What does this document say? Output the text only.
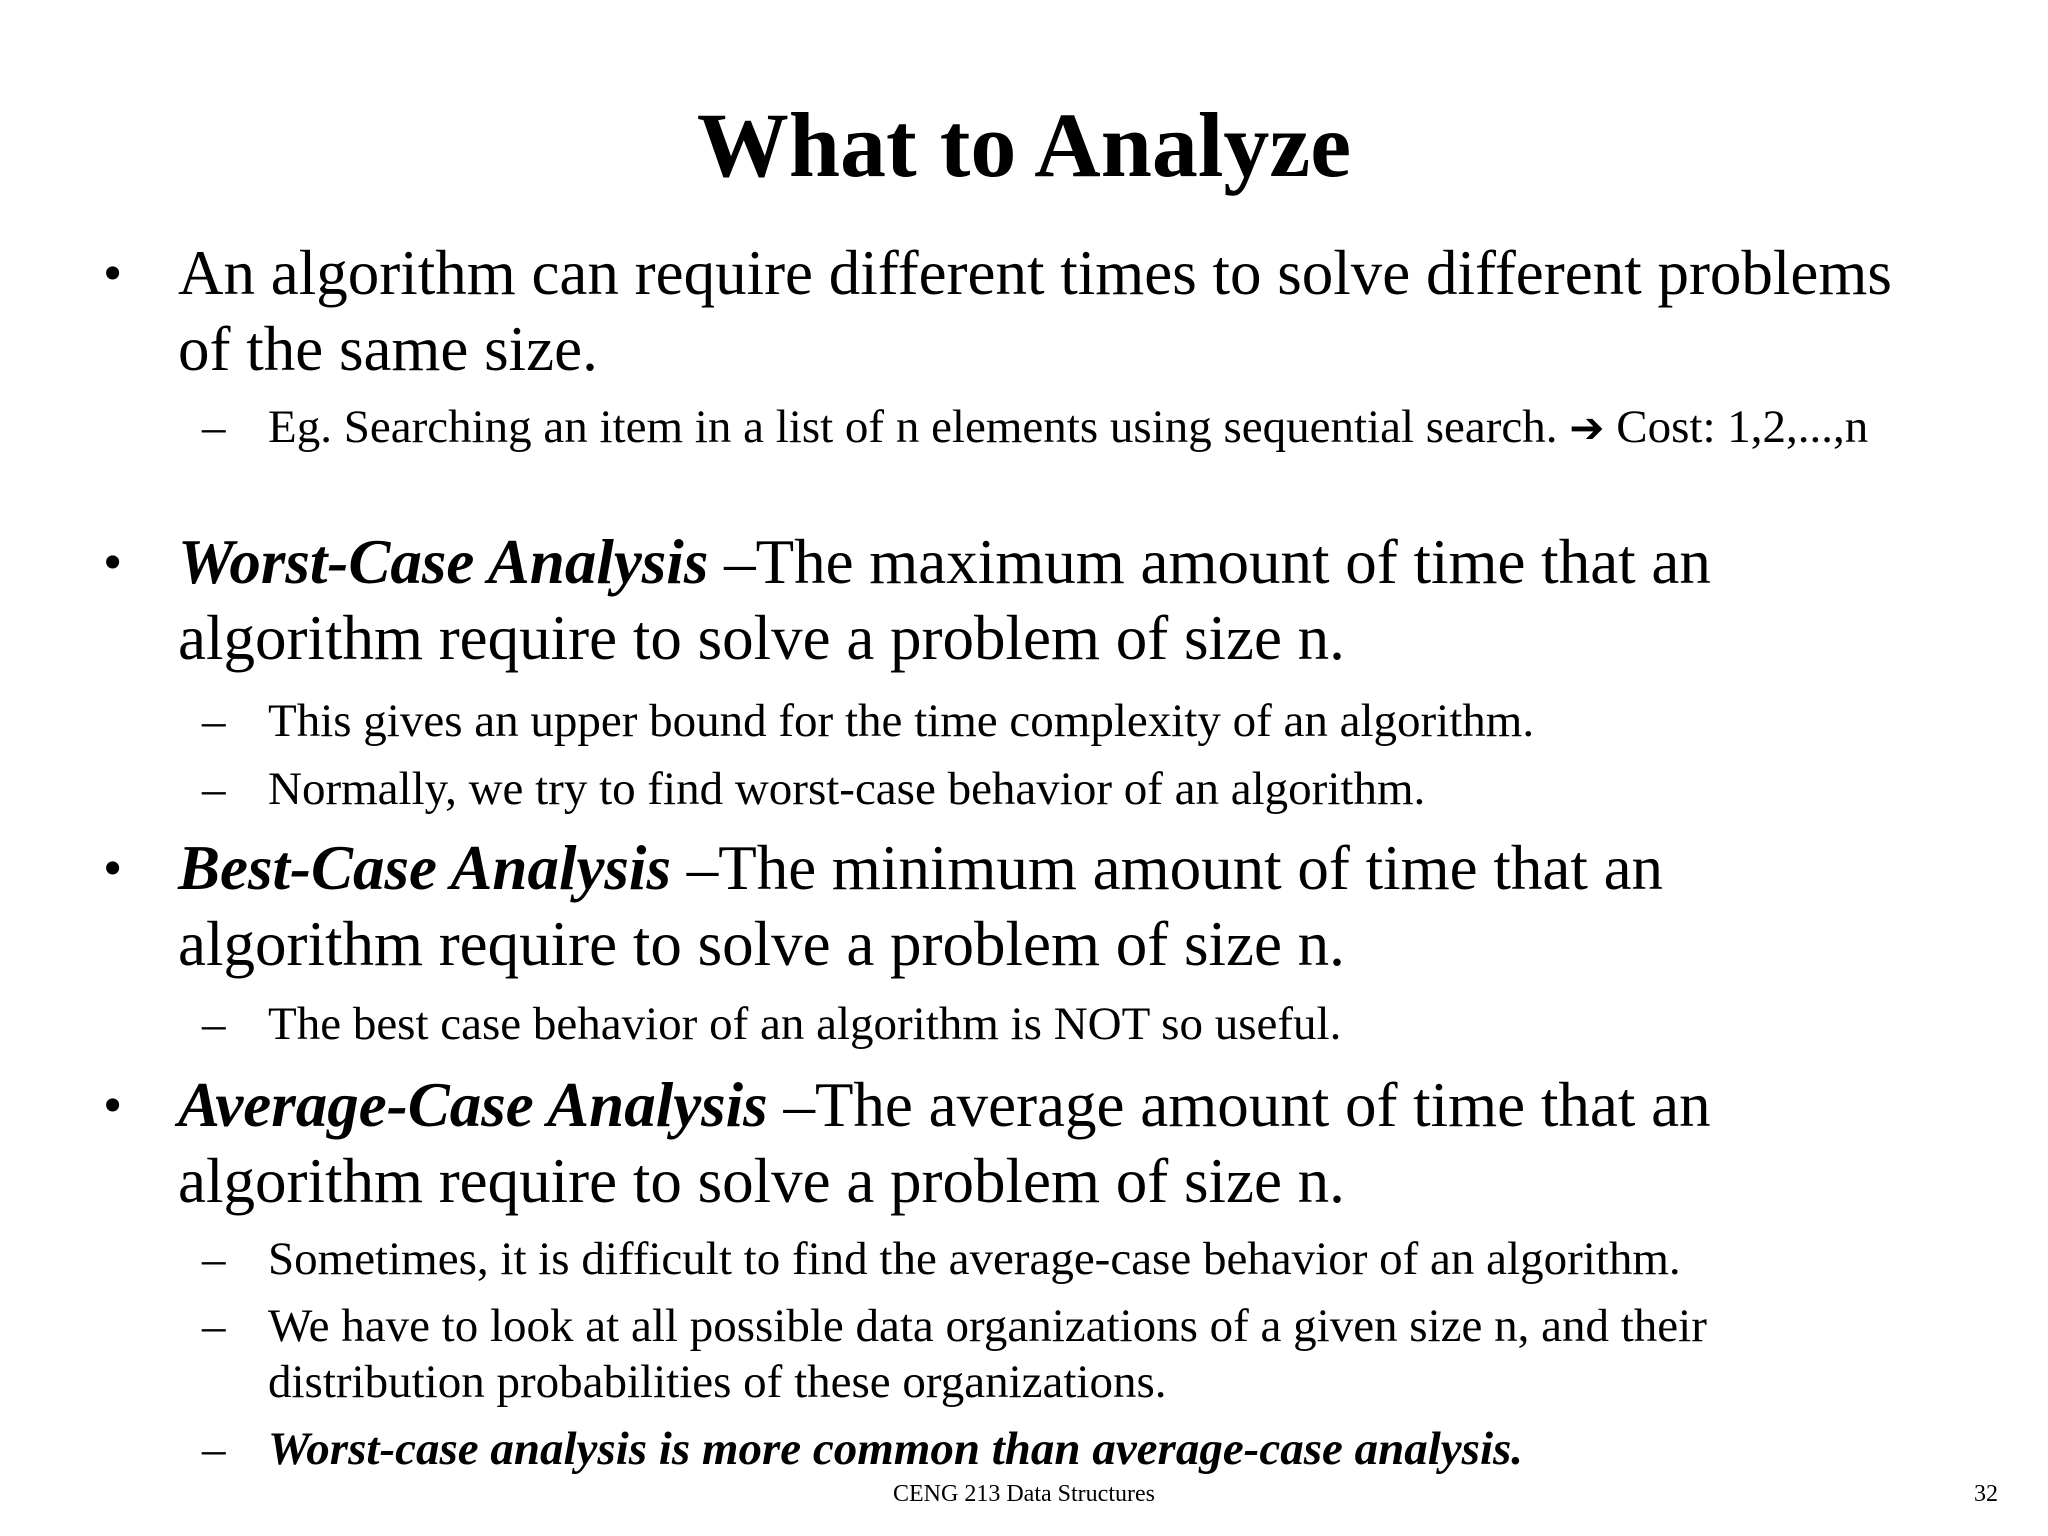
What to Analyze
• An algorithm can require different times to solve different problems of the same size.
– Eg. Searching an item in a list of n elements using sequential search. ➔ Cost: 1,2,...,n
• Worst-Case Analysis –The maximum amount of time that an algorithm require to solve a problem of size n.
– This gives an upper bound for the time complexity of an algorithm.
– Normally, we try to find worst-case behavior of an algorithm.
• Best-Case Analysis –The minimum amount of time that an algorithm require to solve a problem of size n.
– The best case behavior of an algorithm is NOT so useful.
• Average-Case Analysis –The average amount of time that an algorithm require to solve a problem of size n.
– Sometimes, it is difficult to find the average-case behavior of an algorithm.
– We have to look at all possible data organizations of a given size n, and their distribution probabilities of these organizations.
– Worst-case analysis is more common than average-case analysis.
CENG 213 Data Structures	32
